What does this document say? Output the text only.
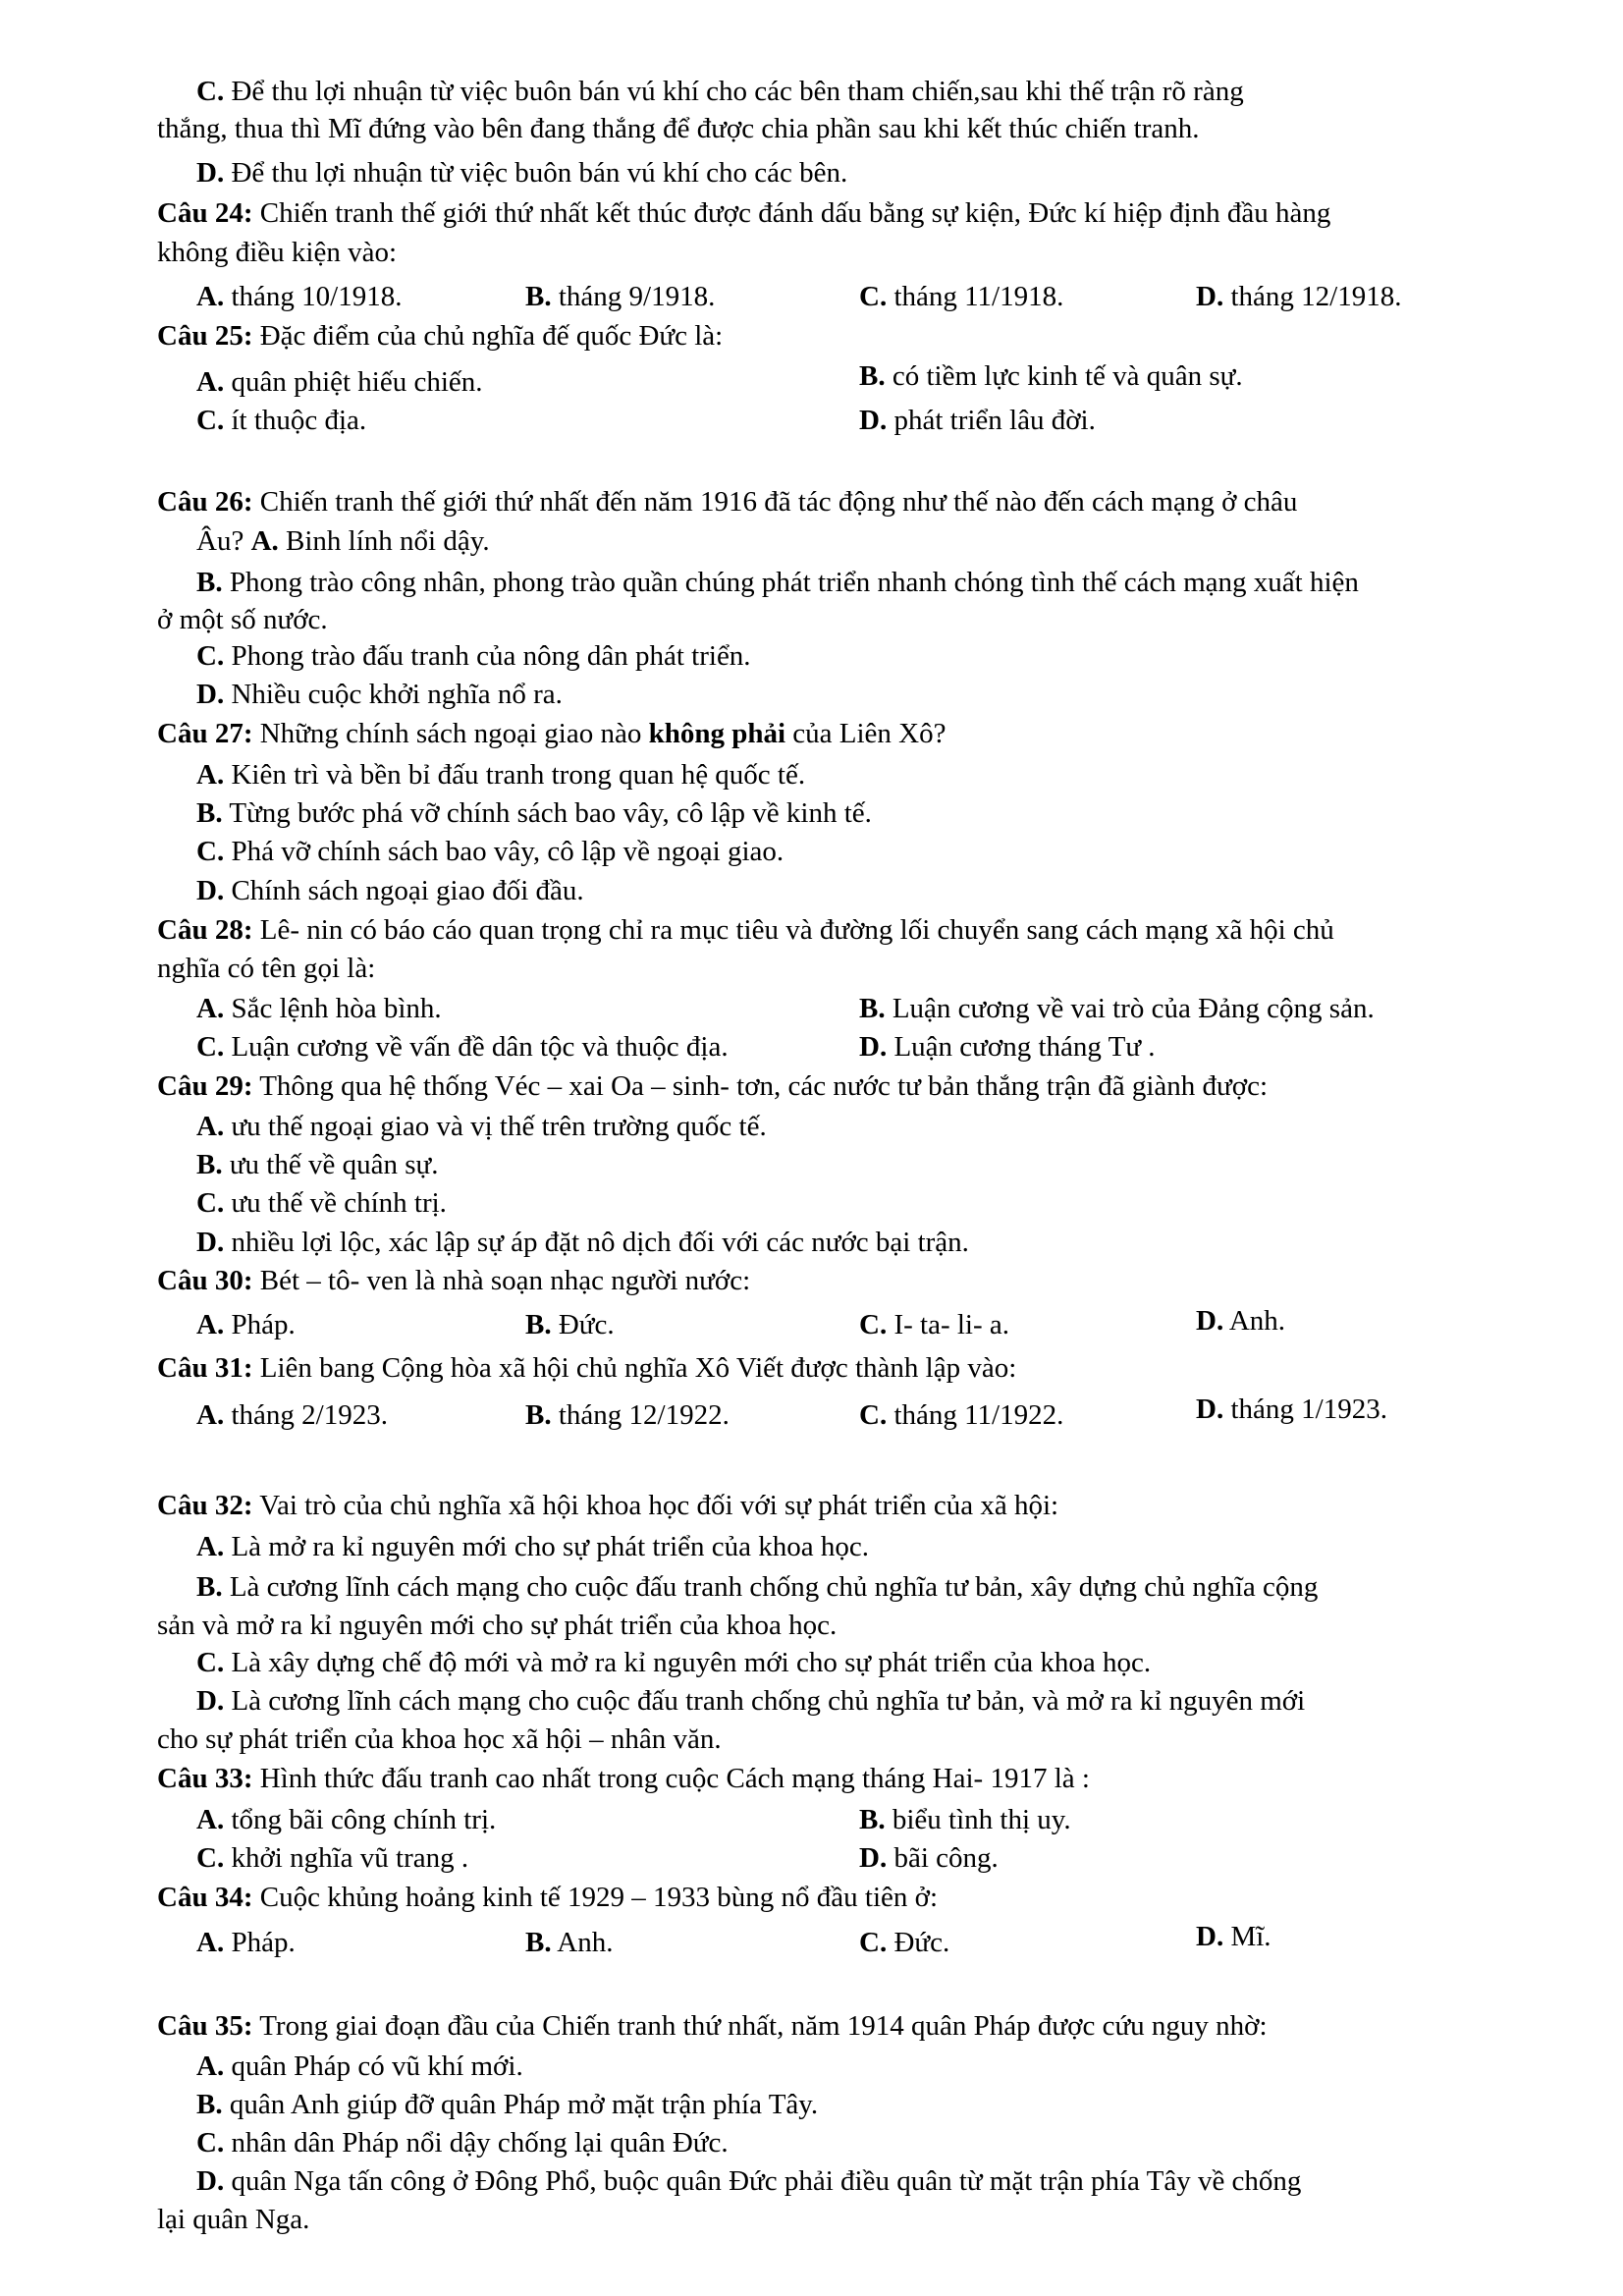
C. Để thu lợi nhuận từ việc buôn bán vú khí cho các bên tham chiến,sau khi thế trận rõ ràng
thắng, thua thì Mĩ đứng vào bên đang thắng để được chia phần sau khi kết thúc chiến tranh.
D. Để thu lợi nhuận từ việc buôn bán vú khí cho các bên.
Câu 24: Chiến tranh thế giới thứ nhất kết thúc được đánh dấu bằng sự kiện, Đức kí hiệp định đầu hàng
không điều kiện vào:
A. tháng 10/1918.	B. tháng 9/1918.	C. tháng 11/1918.	D. tháng 12/1918.
Câu 25: Đặc điểm của chủ nghĩa đế quốc Đức là:
A. quân phiệt hiếu chiến.	B. có tiềm lực kinh tế và quân sự.
C. ít thuộc địa.	D. phát triển lâu đời.
Câu 26: Chiến tranh thế giới thứ nhất đến năm 1916 đã tác động như thế nào đến cách mạng ở châu
Âu? A. Binh lính nổi dậy.
B. Phong trào công nhân, phong trào quần chúng phát triển nhanh chóng tình thế cách mạng xuất hiện
ở một số nước.
C. Phong trào đấu tranh của nông dân phát triển.
D. Nhiều cuộc khởi nghĩa nổ ra.
Câu 27: Những chính sách ngoại giao nào không phải của Liên Xô?
A. Kiên trì và bền bỉ đấu tranh trong quan hệ quốc tế.
B. Từng bước phá vỡ chính sách bao vây, cô lập về kinh tế.
C. Phá vỡ chính sách bao vây, cô lập về ngoại giao.
D. Chính sách ngoại giao đối đầu.
Câu 28: Lê- nin có báo cáo quan trọng chỉ ra mục tiêu và đường lối chuyển sang cách mạng xã hội chủ
nghĩa có tên gọi là:
A. Sắc lệnh hòa bình.	B. Luận cương về vai trò của Đảng cộng sản.
C. Luận cương về vấn đề dân tộc và thuộc địa.	D. Luận cương tháng Tư .
Câu 29: Thông qua hệ thống Véc – xai Oa – sinh- tơn, các nước tư bản thắng trận đã giành được:
A. ưu thế ngoại giao và vị thế trên trường quốc tế.
B. ưu thế về quân sự.
C. ưu thế về chính trị.
D. nhiều lợi lộc, xác lập sự áp đặt nô dịch đối với các nước bại trận.
Câu 30: Bét – tô- ven là nhà soạn nhạc người nước:
A. Pháp.	B. Đức.	C. I- ta- li- a.	D. Anh.
Câu 31: Liên bang Cộng hòa xã hội chủ nghĩa Xô Viết được thành lập vào:
A. tháng 2/1923.	B. tháng 12/1922.	C. tháng 11/1922.	D. tháng 1/1923.
Câu 32: Vai trò của chủ nghĩa xã hội khoa học đối với sự phát triển của xã hội:
A. Là mở ra kỉ nguyên mới cho sự phát triển của khoa học.
B. Là cương lĩnh cách mạng cho cuộc đấu tranh chống chủ nghĩa tư bản, xây dựng chủ nghĩa cộng
sản và mở ra kỉ nguyên mới cho sự phát triển của khoa học.
C. Là xây dựng chế độ mới và mở ra kỉ nguyên mới cho sự phát triển của khoa học.
D. Là cương lĩnh cách mạng cho cuộc đấu tranh chống chủ nghĩa tư bản, và mở ra kỉ nguyên mới
cho sự phát triển của khoa học xã hội – nhân văn.
Câu 33: Hình thức đấu tranh cao nhất trong cuộc Cách mạng tháng Hai- 1917 là :
A. tổng bãi công chính trị.	B. biểu tình thị uy.
C. khởi nghĩa vũ trang .	D. bãi công.
Câu 34: Cuộc khủng hoảng kinh tế 1929 – 1933 bùng nổ đầu tiên ở:
A. Pháp.	B. Anh.	C. Đức.	D. Mĩ.
Câu 35: Trong giai đoạn đầu của Chiến tranh thứ nhất, năm 1914 quân Pháp được cứu nguy nhờ:
A. quân Pháp có vũ khí mới.
B. quân Anh giúp đỡ quân Pháp mở mặt trận phía Tây.
C. nhân dân Pháp nổi dậy chống lại quân Đức.
D. quân Nga tấn công ở Đông Phổ, buộc quân Đức phải điều quân từ mặt trận phía Tây về chống
lại quân Nga.
